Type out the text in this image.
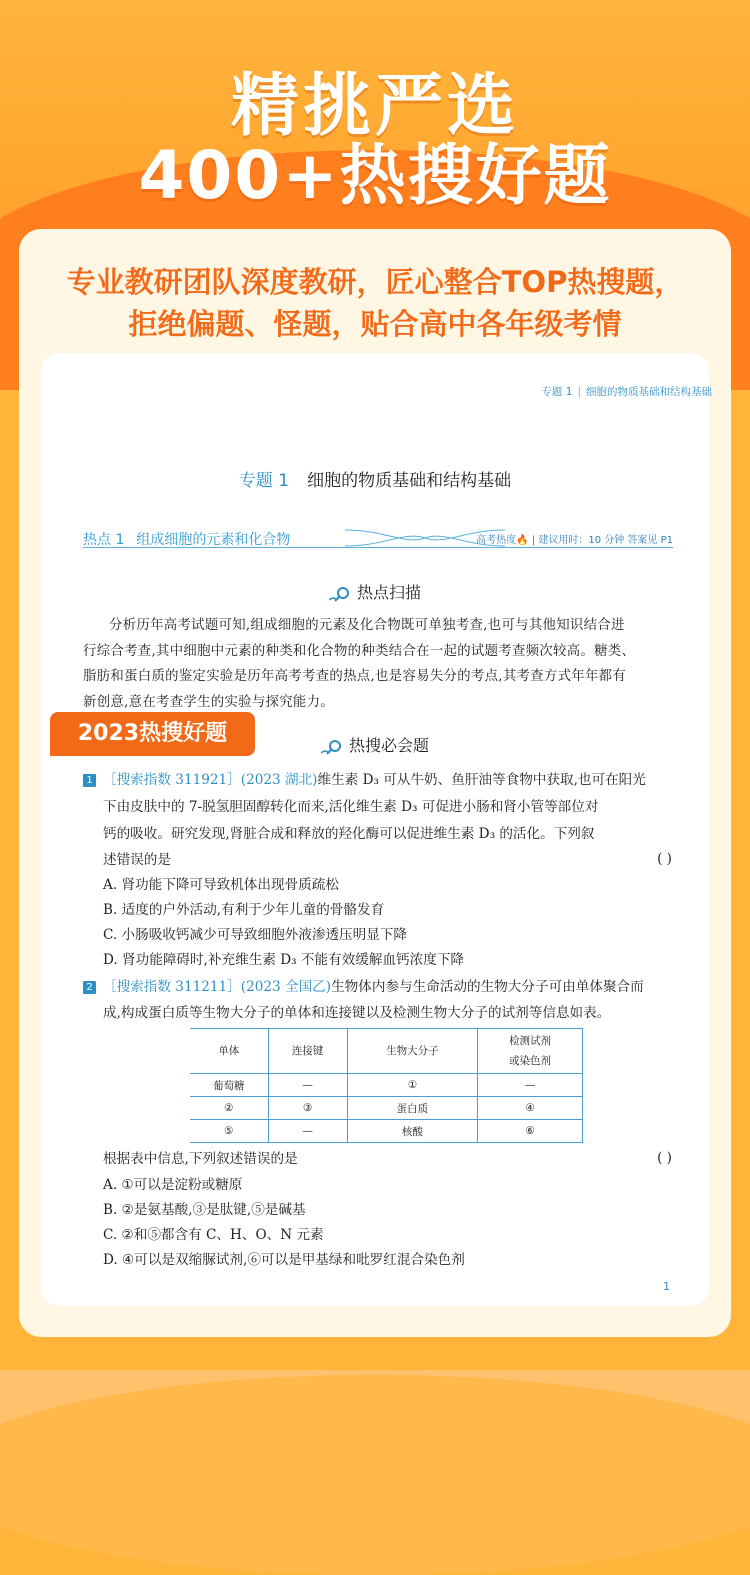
精挑严选
400+热搜好题
专业教研团队深度教研，匠心整合TOP热搜题，
拒绝偏题、怪题，贴合高中各年级考情
专题 1 | 细胞的物质基础和结构基础
专题 1 细胞的物质基础和结构基础
热点 1 组成细胞的元素和化合物	高考热度🔥 | 建议用时：10 分钟 答案见 P1
热点扫描
分析历年高考试题可知,组成细胞的元素及化合物既可单独考查,也可与其他知识结合进
行综合考查,其中细胞中元素的种类和化合物的种类结合在一起的试题考查频次较高。糖类、
脂肪和蛋白质的鉴定实验是历年高考考查的热点,也是容易失分的考点,其考查方式年年都有
新创意,意在考查学生的实验与探究能力。
2023热搜好题	热搜必会题
1 ［搜索指数 311921］(2023 湖北)维生素 D₃ 可从牛奶、鱼肝油等食物中获取,也可在阳光
下由皮肤中的 7-脱氢胆固醇转化而来,活化维生素 D₃ 可促进小肠和肾小管等部位对
钙的吸收。研究发现,肾脏合成和释放的羟化酶可以促进维生素 D₃ 的活化。下列叙
述错误的是	( )
A. 肾功能下降可导致机体出现骨质疏松
B. 适度的户外活动,有利于少年儿童的骨骼发育
C. 小肠吸收钙减少可导致细胞外液渗透压明显下降
D. 肾功能障碍时,补充维生素 D₃ 不能有效缓解血钙浓度下降
2 ［搜索指数 311211］(2023 全国乙)生物体内参与生命活动的生物大分子可由单体聚合而
成,构成蛋白质等生物大分子的单体和连接键以及检测生物大分子的试剂等信息如表。
单体	连接键	生物大分子	检测试剂
或染色剂
葡萄糖	—	①	—
②	③	蛋白质	④
⑤	—	核酸	⑥
根据表中信息,下列叙述错误的是	( )
A. ①可以是淀粉或糖原
B. ②是氨基酸,③是肽键,⑤是碱基
C. ②和⑤都含有 C、H、O、N 元素
D. ④可以是双缩脲试剂,⑥可以是甲基绿和吡罗红混合染色剂
1
